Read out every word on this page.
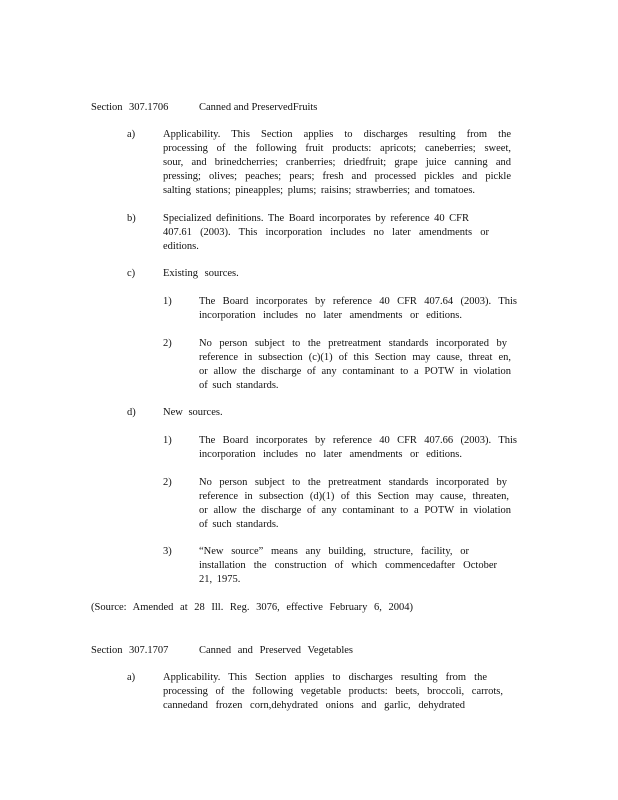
Section 307.1706	Canned and PreservedFruits
a)	Applicability. This Section applies to discharges resulting from the
processing of the following fruit products: apricots; caneberries; sweet,
sour, and brinedcherries; cranberries; driedfruit; grape juice canning and
pressing; olives; peaches; pears; fresh and processed pickles and pickle
salting stations; pineapples; plums; raisins; strawberries; and tomatoes.
b)	Specialized definitions. The Board incorporates by reference 40 CFR
407.61 (2003). This incorporation includes no later amendments or
editions.
c)	Existing sources.
1)	The Board incorporates by reference 40 CFR 407.64 (2003). This
incorporation includes no later amendments or editions.
2)	No person subject to the pretreatment standards incorporated by
reference in subsection (c)(1) of this Section may cause, threat en,
or allow the discharge of any contaminant to a POTW in violation
of such standards.
d)	New sources.
1)	The Board incorporates by reference 40 CFR 407.66 (2003). This
incorporation includes no later amendments or editions.
2)	No person subject to the pretreatment standards incorporated by
reference in subsection (d)(1) of this Section may cause, threaten,
or allow the discharge of any contaminant to a POTW in violation
of such standards.
3)	“New source” means any building, structure, facility, or
installation the construction of which commencedafter October
21, 1975.
(Source: Amended at 28 Ill. Reg. 3076, effective February 6, 2004)
Section 307.1707	Canned and Preserved Vegetables
a)	Applicability. This Section applies to discharges resulting from the
processing of the following vegetable products: beets, broccoli, carrots,
cannedand frozen corn,dehydrated onions and garlic, dehydrated
